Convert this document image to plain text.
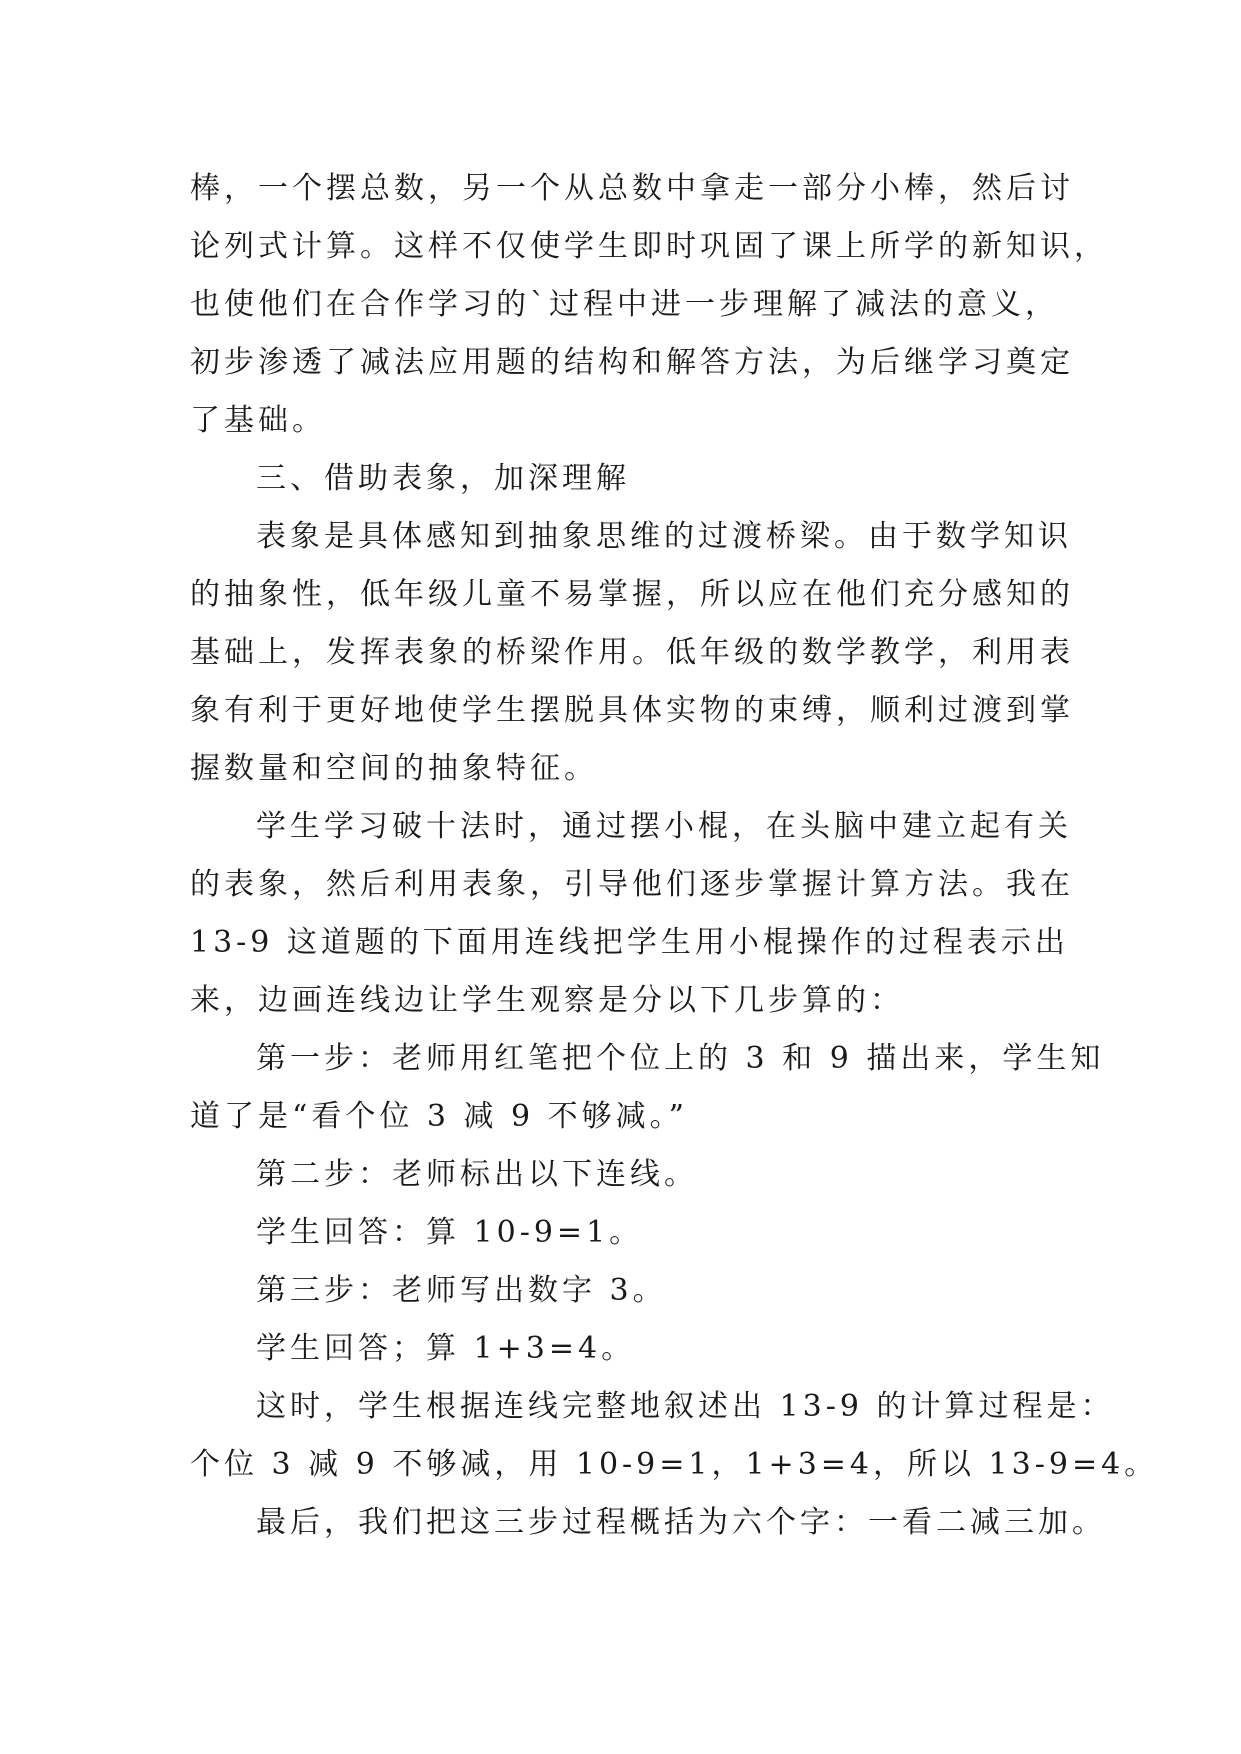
棒，一个摆总数，另一个从总数中拿走一部分小棒，然后讨
论列式计算。这样不仅使学生即时巩固了课上所学的新知识，
也使他们在合作学习的`过程中进一步理解了减法的意义，
初步渗透了减法应用题的结构和解答方法，为后继学习奠定
了基础。
三、借助表象，加深理解
表象是具体感知到抽象思维的过渡桥梁。由于数学知识
的抽象性，低年级儿童不易掌握，所以应在他们充分感知的
基础上，发挥表象的桥梁作用。低年级的数学教学，利用表
象有利于更好地使学生摆脱具体实物的束缚，顺利过渡到掌
握数量和空间的抽象特征。
学生学习破十法时，通过摆小棍，在头脑中建立起有关
的表象，然后利用表象，引导他们逐步掌握计算方法。我在
13-9 这道题的下面用连线把学生用小棍操作的过程表示出
来，边画连线边让学生观察是分以下几步算的：
第一步：老师用红笔把个位上的 3 和 9 描出来，学生知
道了是“看个位 3 减 9 不够减。”
第二步：老师标出以下连线。
学生回答：算 10-9=1。
第三步：老师写出数字 3。
学生回答；算 1+3=4。
这时，学生根据连线完整地叙述出 13-9 的计算过程是：
个位 3 减 9 不够减，用 10-9=1，1+3=4，所以 13-9=4。
最后，我们把这三步过程概括为六个字：一看二减三加。
